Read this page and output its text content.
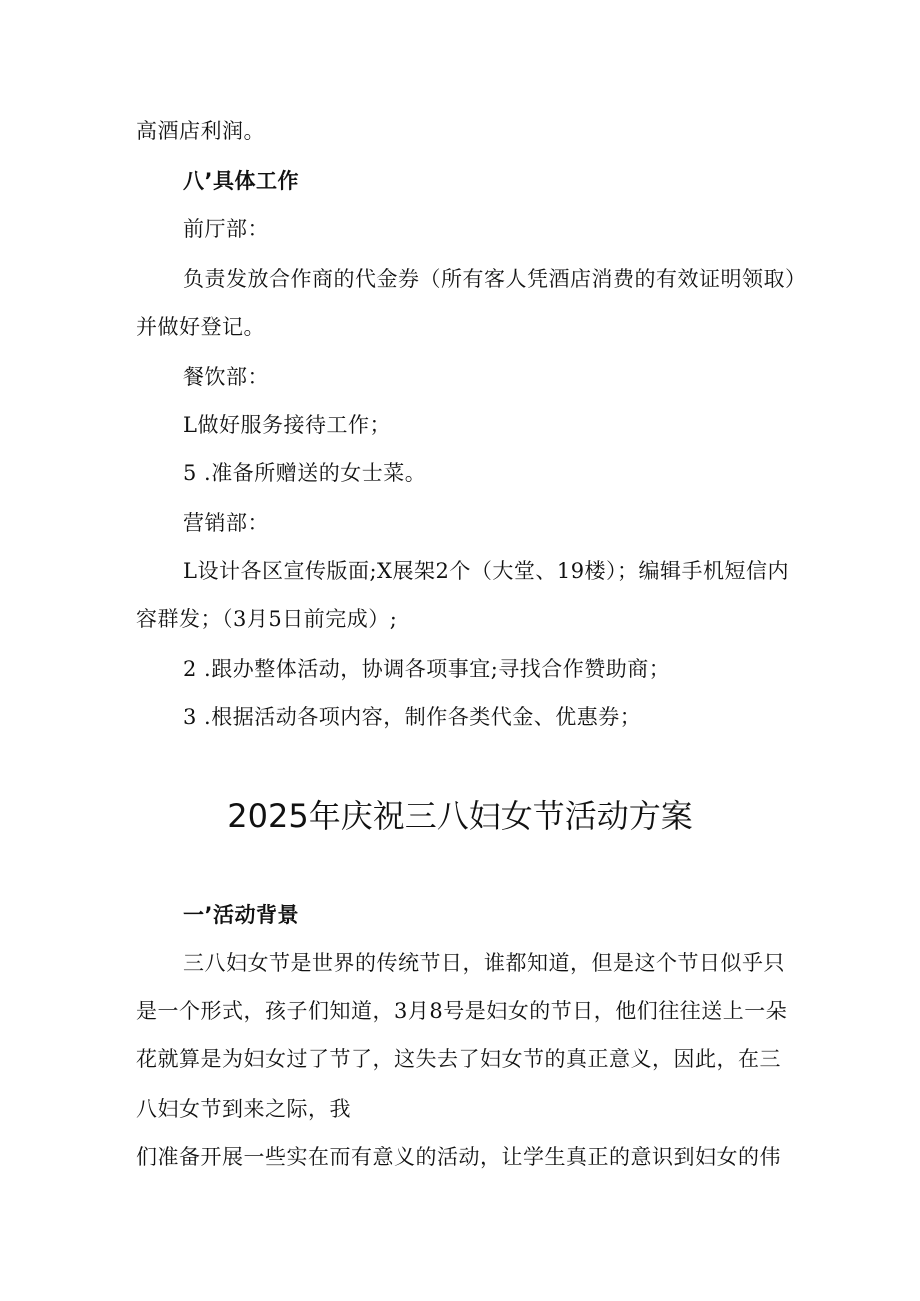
高酒店利润。
八’具体工作
前厅部：
负责发放合作商的代金券（所有客人凭酒店消费的有效证明领取）
并做好登记。
餐饮部：
L做好服务接待工作；
5 .准备所赠送的女士菜。
营销部：
L设计各区宣传版面;X展架2个（大堂、19楼）；编辑手机短信内
容群发；（3月5日前完成）;
2 .跟办整体活动，协调各项事宜;寻找合作赞助商；
3 .根据活动各项内容，制作各类代金、优惠券；
2025年庆祝三八妇女节活动方案
一’活动背景
三八妇女节是世界的传统节日，谁都知道，但是这个节日似乎只
是一个形式，孩子们知道，3月8号是妇女的节日，他们往往送上一朵
花就算是为妇女过了节了，这失去了妇女节的真正意义，因此，在三
八妇女节到来之际，我
们准备开展一些实在而有意义的活动，让学生真正的意识到妇女的伟
